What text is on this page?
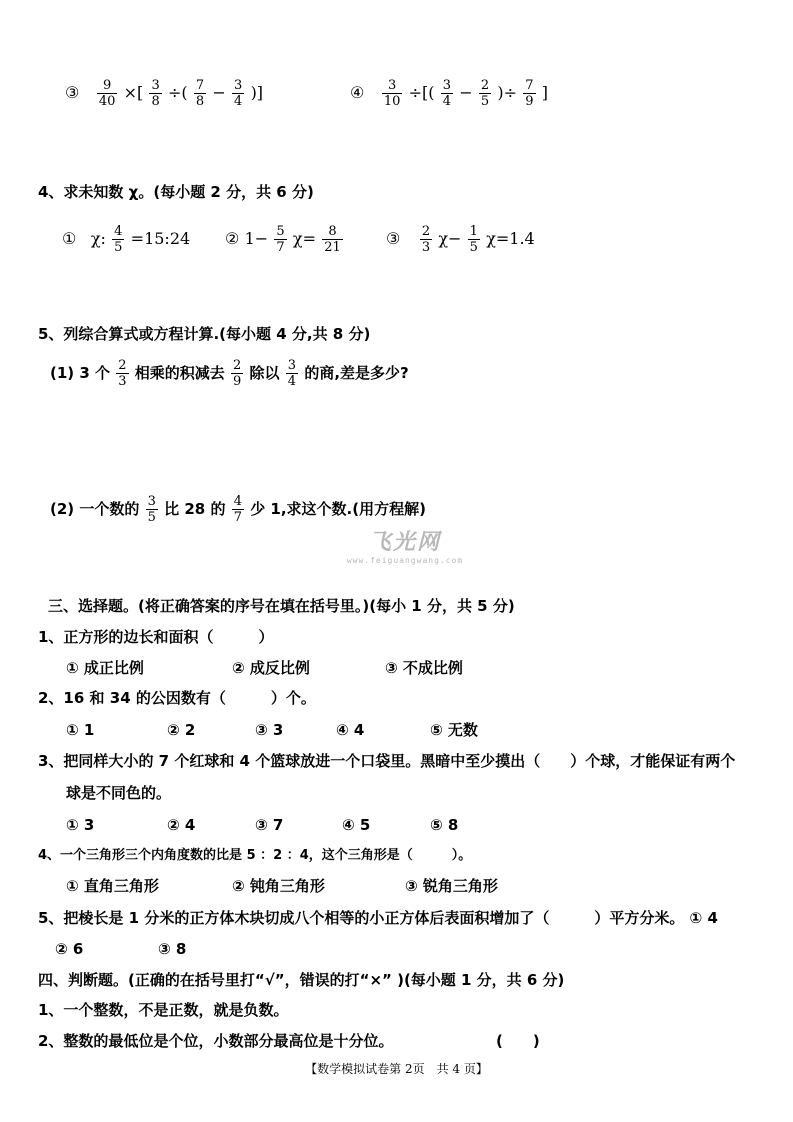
③ $\frac{9}{40}$ ×[ $\frac{3}{8}$ ÷( $\frac{7}{8} - \frac{3}{4}$ )]	④ $\frac{3}{10}$ ÷[( $\frac{3}{4} - \frac{2}{5}$ )÷ $\frac{7}{9}$ ]
4、求未知数 χ。(每小题 2 分，共 6 分)
① χ: $\frac{4}{5}$ =15:24 ② $1- \frac{5}{7} \chi= \frac{8}{21}$	③ $\frac{2}{3} \chi- \frac{1}{5} \chi=1.4$
5、列综合算式或方程计算.(每小题 4 分,共 8 分)
(1) 3 个 $\frac{2}{3}$ 相乘的积减去 $\frac{2}{9}$ 除以 $\frac{3}{4}$ 的商,差是多少?
(2) 一个数的 $\frac{3}{5}$ 比 28 的 $\frac{4}{7}$ 少 1,求这个数.(用方程解)
飞光网
www.feiguangwang.com
三、选择题。(将正确答案的序号在填在括号里。)(每小 1 分，共 5 分)
1、正方形的边长和面积（　　　）
① 成正比例	② 成反比例	③ 不成比例
2、16 和 34 的公因数有（　　　）个。
① 1	② 2	③ 3	④ 4	⑤ 无数
3、把同样大小的 7 个红球和 4 个篮球放进一个口袋里。黑暗中至少摸出（　　）个球，才能保证有两个
球是不同色的。
① 3	② 4	③ 7	④ 5	⑤ 8
4、一个三角形三个内角度数的比是 5 ：2 ：4，这个三角形是（　　　）。
① 直角三角形	② 钝角三角形	③ 锐角三角形
5、把棱长是 1 分米的正方体木块切成八个相等的小正方体后表面积增加了（　　　）平方分米。 ① 4
② 6	③ 8
四、判断题。(正确的在括号里打“√”，错误的打“×” )(每小题 1 分，共 6 分)
1、一个整数，不是正数，就是负数。
2、整数的最低位是个位，小数部分最高位是十分位。	(　　)
【数学模拟试卷第 2页　共 4 页】
